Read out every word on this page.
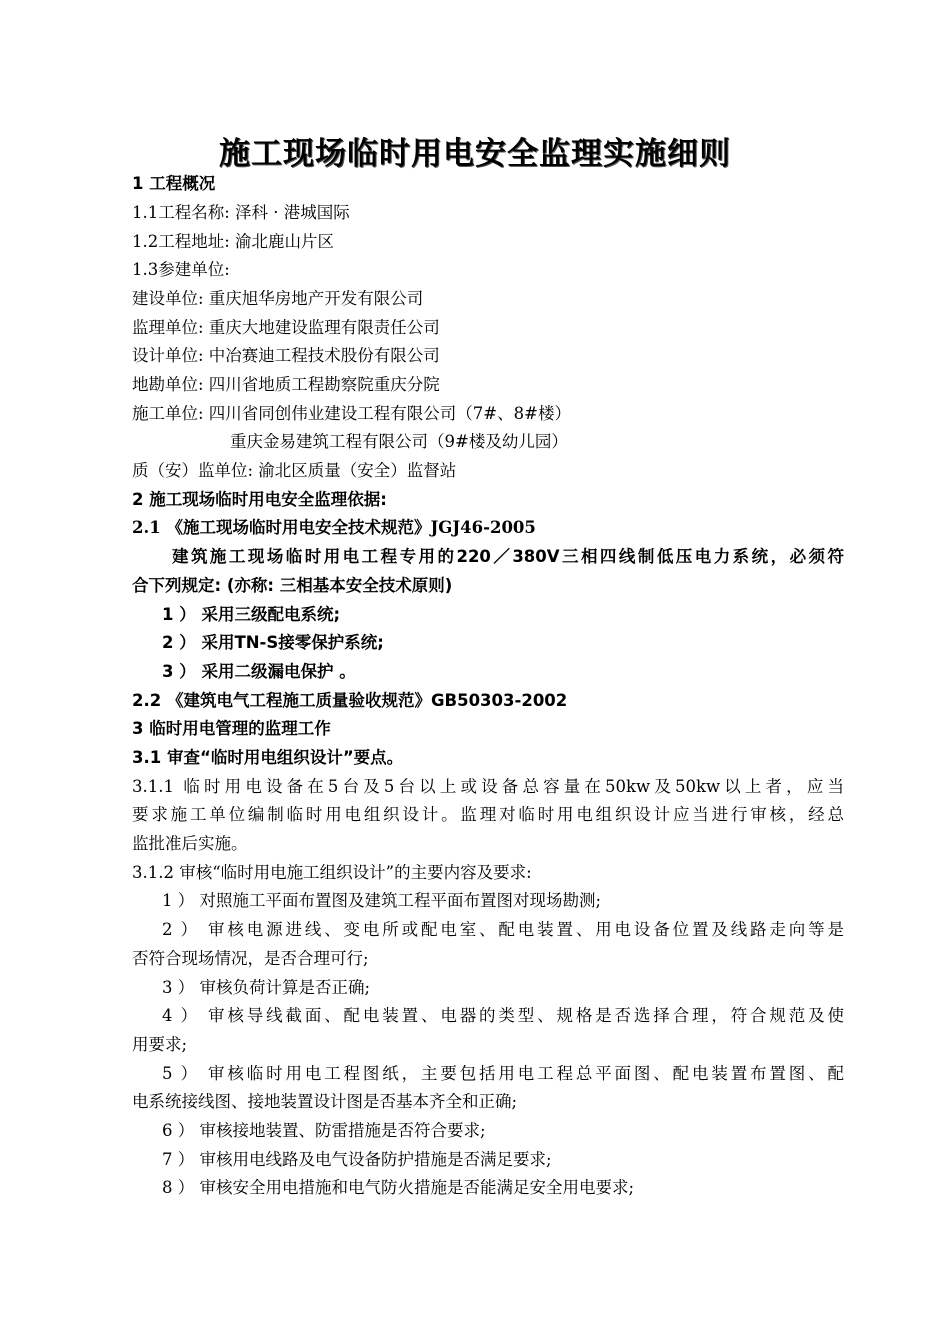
施工现场临时用电安全监理实施细则
1 工程概况
1.1工程名称: 泽科 · 港城国际
1.2工程地址: 渝北鹿山片区
1.3参建单位:
建设单位: 重庆旭华房地产开发有限公司
监理单位: 重庆大地建设监理有限责任公司
设计单位: 中冶赛迪工程技术股份有限公司
地勘单位: 四川省地质工程勘察院重庆分院
施工单位: 四川省同创伟业建设工程有限公司（7#、8#楼）
重庆金易建筑工程有限公司（9#楼及幼儿园）
质（安）监单位: 渝北区质量（安全）监督站
2 施工现场临时用电安全监理依据:
2.1 《施工现场临时用电安全技术规范》JGJ46-2005
建筑施工现场临时用电工程专用的220／380V三相四线制低压电力系统，必须符
合下列规定: (亦称: 三相基本安全技术原则)
1 ） 采用三级配电系统;
2 ） 采用TN-S接零保护系统;
3 ） 采用二级漏电保护 。
2.2 《建筑电气工程施工质量验收规范》GB50303-2002
3 临时用电管理的监理工作
3.1 审查“临时用电组织设计”要点。
3.1.1 临时用电设备在5台及5台以上或设备总容量在50kw及50kw以上者，应当
要求施工单位编制临时用电组织设计。监理对临时用电组织设计应当进行审核，经总
监批准后实施。
3.1.2 审核“临时用电施工组织设计”的主要内容及要求:
1 ） 对照施工平面布置图及建筑工程平面布置图对现场勘测;
2 ） 审核电源进线、变电所或配电室、配电装置、用电设备位置及线路走向等是
否符合现场情况，是否合理可行;
3 ） 审核负荷计算是否正确;
4 ） 审核导线截面、配电装置、电器的类型、规格是否选择合理，符合规范及使
用要求;
5 ） 审核临时用电工程图纸，主要包括用电工程总平面图、配电装置布置图、配
电系统接线图、接地装置设计图是否基本齐全和正确;
6 ） 审核接地装置、防雷措施是否符合要求;
7 ） 审核用电线路及电气设备防护措施是否满足要求;
8 ） 审核安全用电措施和电气防火措施是否能满足安全用电要求;
